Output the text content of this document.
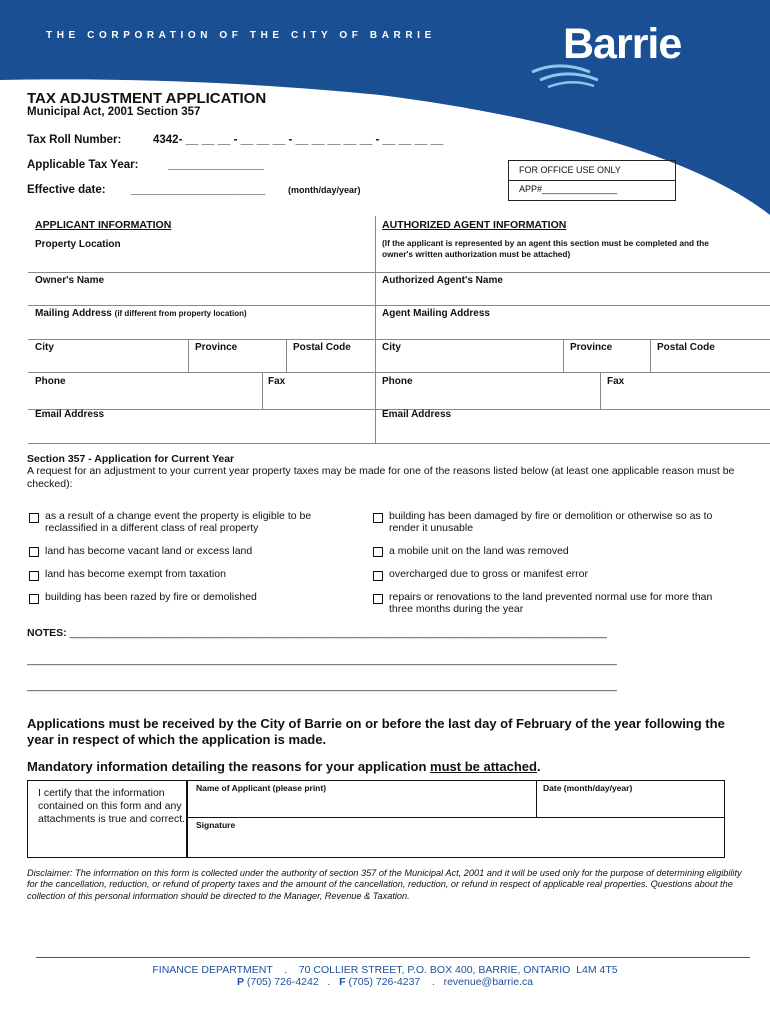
THE CORPORATION OF THE CITY OF BARRIE	Barrie
TAX ADJUSTMENT APPLICATION
Municipal Act, 2001 Section 357
Tax Roll Number:	4342- __ __ __ - __ __ __ - __ __ __ __ __ - __ __ __ __
Applicable Tax Year:	_______________
Effective date: _____________________	(month/day/year)
FOR OFFICE USE ONLY
APP#_______________
APPLICANT INFORMATION	AUTHORIZED AGENT INFORMATION
Property Location	(If the applicant is represented by an agent this section must be completed and the owner's written authorization must be attached)
Owner's Name	Authorized Agent's Name
Mailing Address (if different from property location)	Agent Mailing Address
City	Province	Postal Code	City	Province	Postal Code
Phone	Fax	Phone	Fax
Email Address	Email Address
Section 357 - Application for Current Year
A request for an adjustment to your current year property taxes may be made for one of the reasons listed below (at least one applicable reason must be checked):
as a result of a change event the property is eligible to be reclassified in a different class of real property
land has become vacant land or excess land
land has become exempt from taxation
building has been razed by fire or demolished
building has been damaged by fire or demolition or otherwise so as to render it unusable
a mobile unit on the land was removed
overcharged due to gross or manifest error
repairs or renovations to the land prevented normal use for more than three months during the year
NOTES: ____________________________________________________________________________________________
_____________________________________________________________________________________________________
_____________________________________________________________________________________________________
Applications must be received by the City of Barrie on or before the last day of February of the year following the year in respect of which the application is made.
Mandatory information detailing the reasons for your application must be attached.
I certify that the information contained on this form and any attachments is true and correct.
Name of Applicant (please print)	Date (month/day/year)
Signature
Disclaimer: The information on this form is collected under the authority of section 357 of the Municipal Act, 2001 and it will be used only for the purpose of determining eligibility for the cancellation, reduction, or refund of property taxes and the amount of the cancellation, reduction, or refund in respect of applicable real properties. Questions about the collection of this personal information should be directed to the Manager, Revenue & Taxation.
FINANCE DEPARTMENT    .    70 COLLIER STREET, P.O. BOX 400, BARRIE, ONTARIO  L4M 4T5
P (705) 726-4242   .   F (705) 726-4237    .   revenue@barrie.ca
